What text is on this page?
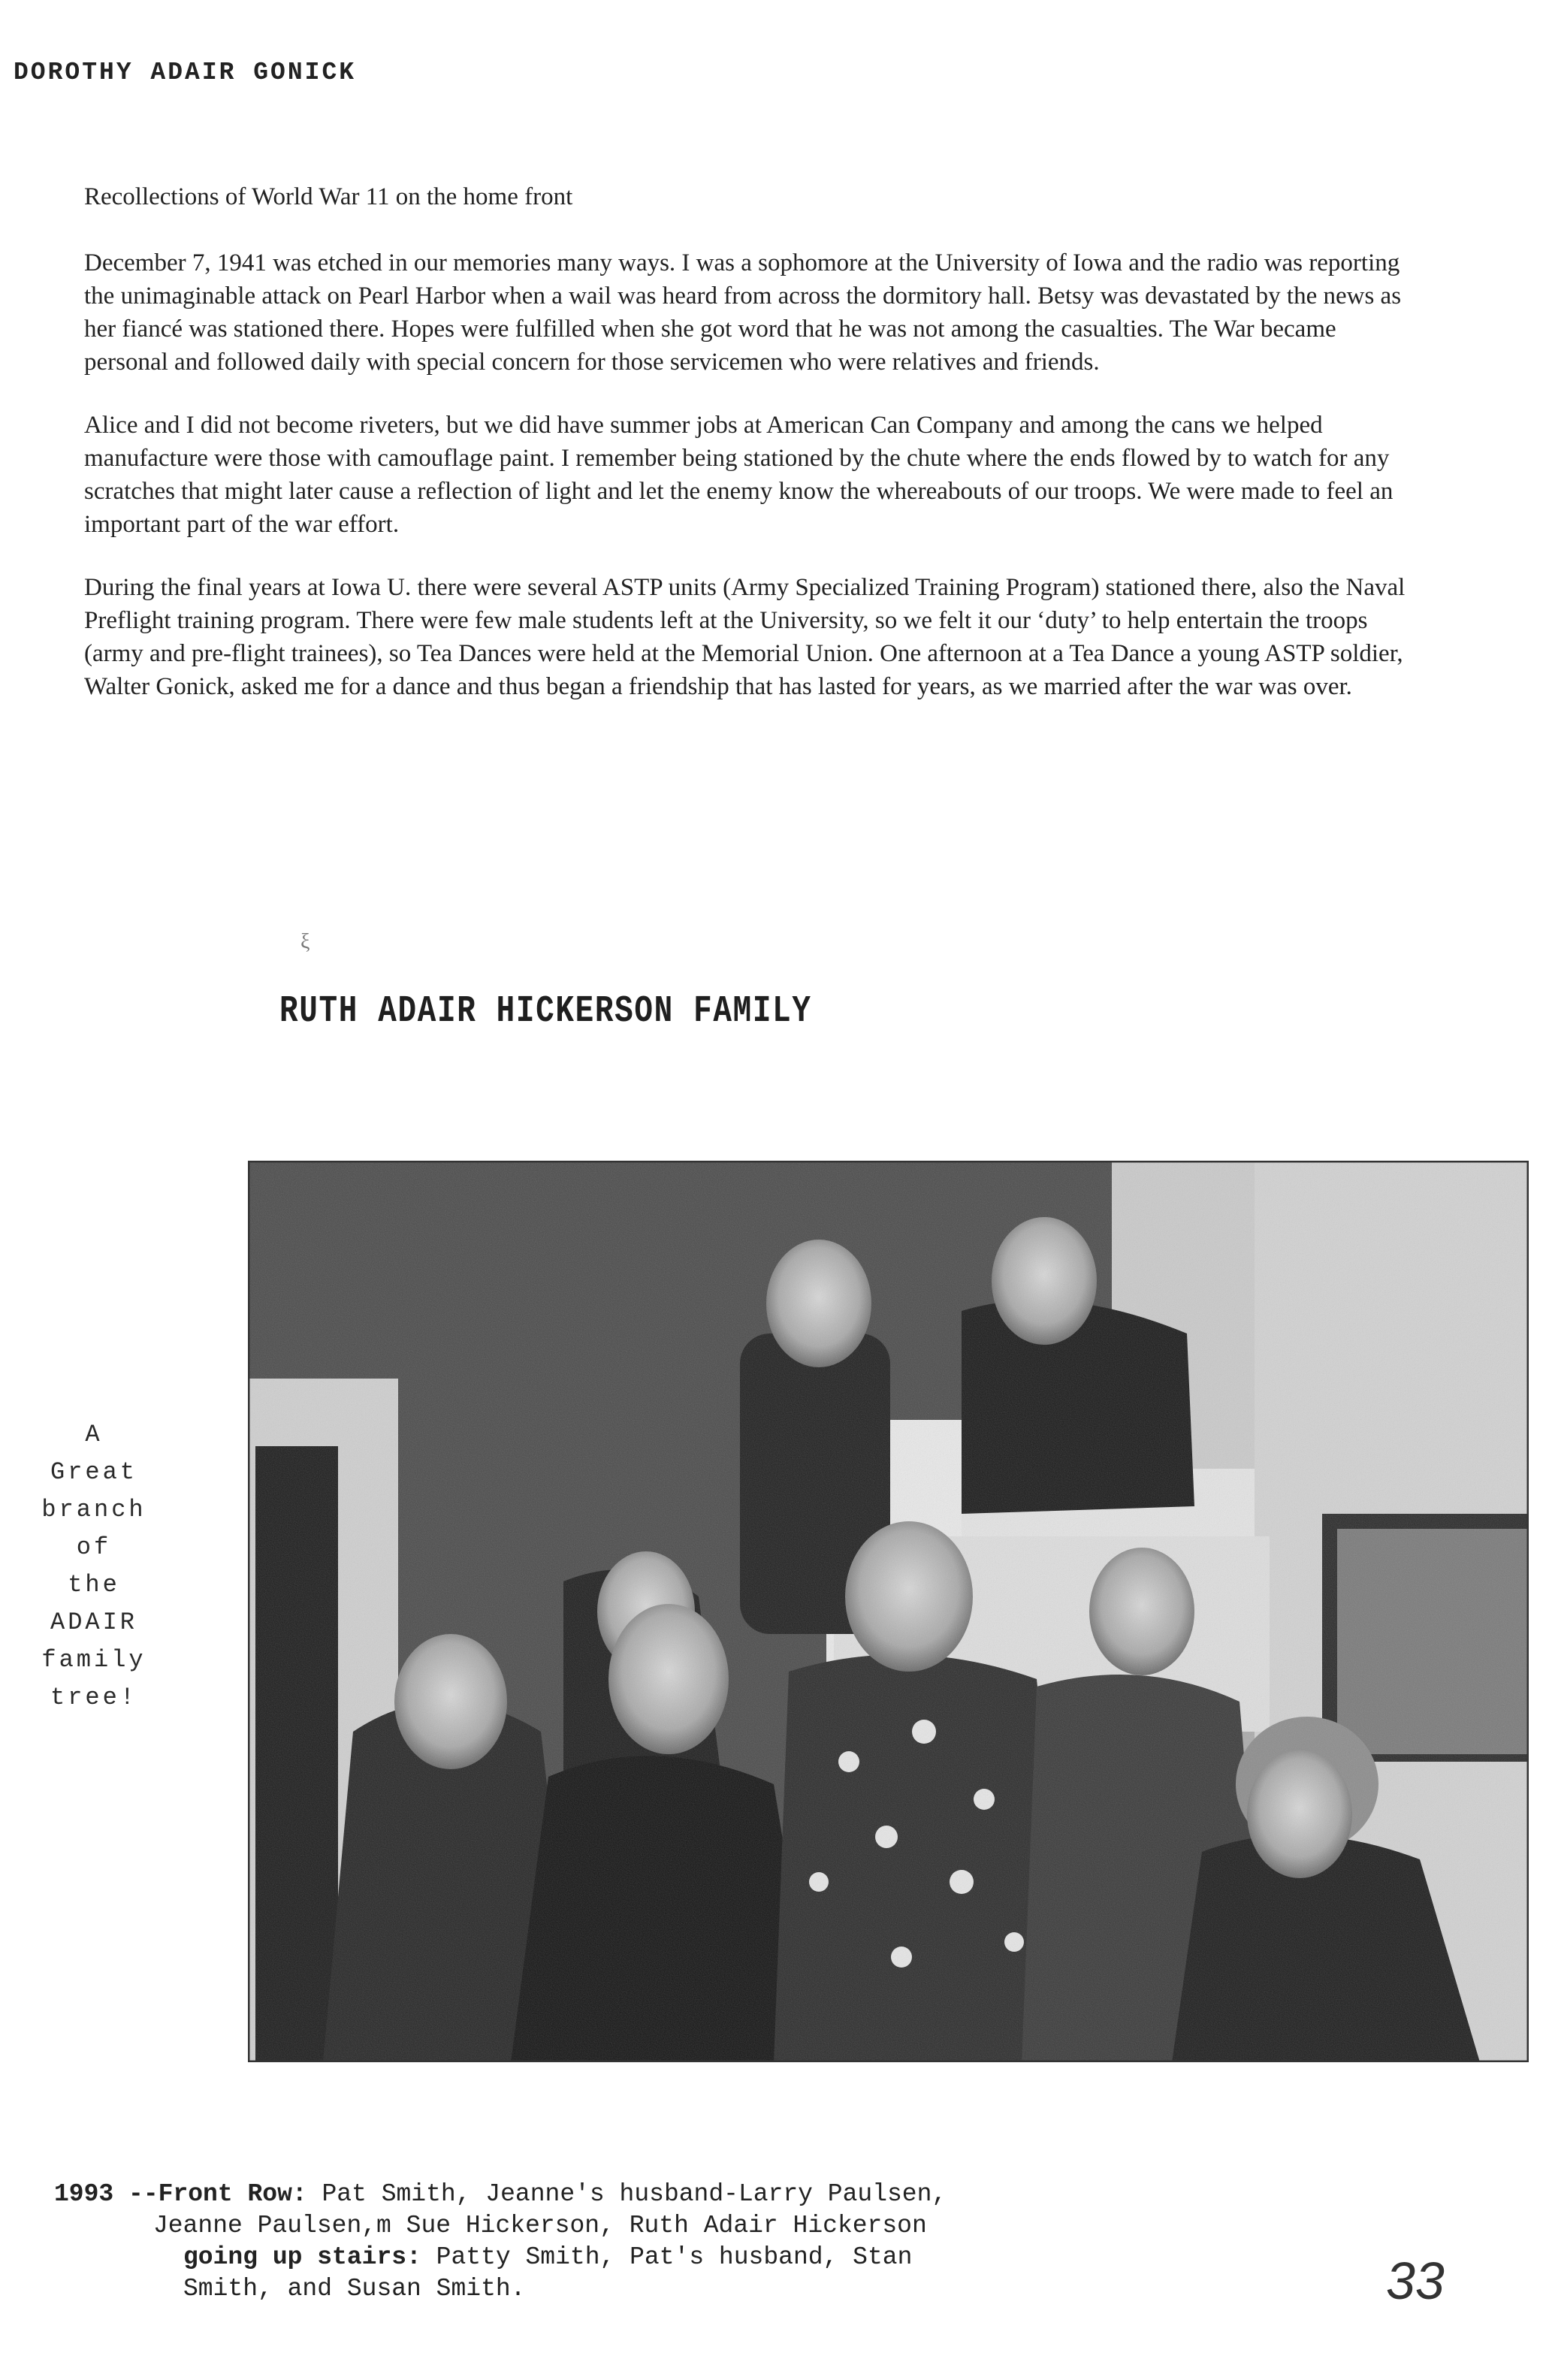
DOROTHY ADAIR GONICK
Recollections of World War 11 on the home front

December 7, 1941 was etched in our memories many ways. I was a sophomore at the University of Iowa and the radio was reporting the unimaginable attack on Pearl Harbor when a wail was heard from across the dormitory hall. Betsy was devastated by the news as her fiancé was stationed there. Hopes were fulfilled when she got word that he was not among the casualties. The War became personal and followed daily with special concern for those servicemen who were relatives and friends.

Alice and I did not become riveters, but we did have summer jobs at American Can Company and among the cans we helped manufacture were those with camouflage paint. I remember being stationed by the chute where the ends flowed by to watch for any scratches that might later cause a reflection of light and let the enemy know the whereabouts of our troops. We were made to feel an important part of the war effort.

During the final years at Iowa U. there were several ASTP units (Army Specialized Training Program) stationed there, also the Naval Preflight training program. There were few male students left at the University, so we felt it our ‘duty’ to help entertain the troops (army and pre-flight trainees), so Tea Dances were held at the Memorial Union. One afternoon at a Tea Dance a young ASTP soldier, Walter Gonick, asked me for a dance and thus began a friendship that has lasted for years, as we married after the war was over.

ξ
RUTH ADAIR HICKERSON FAMILY
A
Great
branch
of
the
ADAIR
family
tree!
1993 --Front Row: Pat Smith, Jeanne's husband-Larry Paulsen,
Jeanne Paulsen,m Sue Hickerson, Ruth Adair Hickerson
going up stairs: Patty Smith, Pat's husband, Stan
Smith, and Susan Smith.	33
